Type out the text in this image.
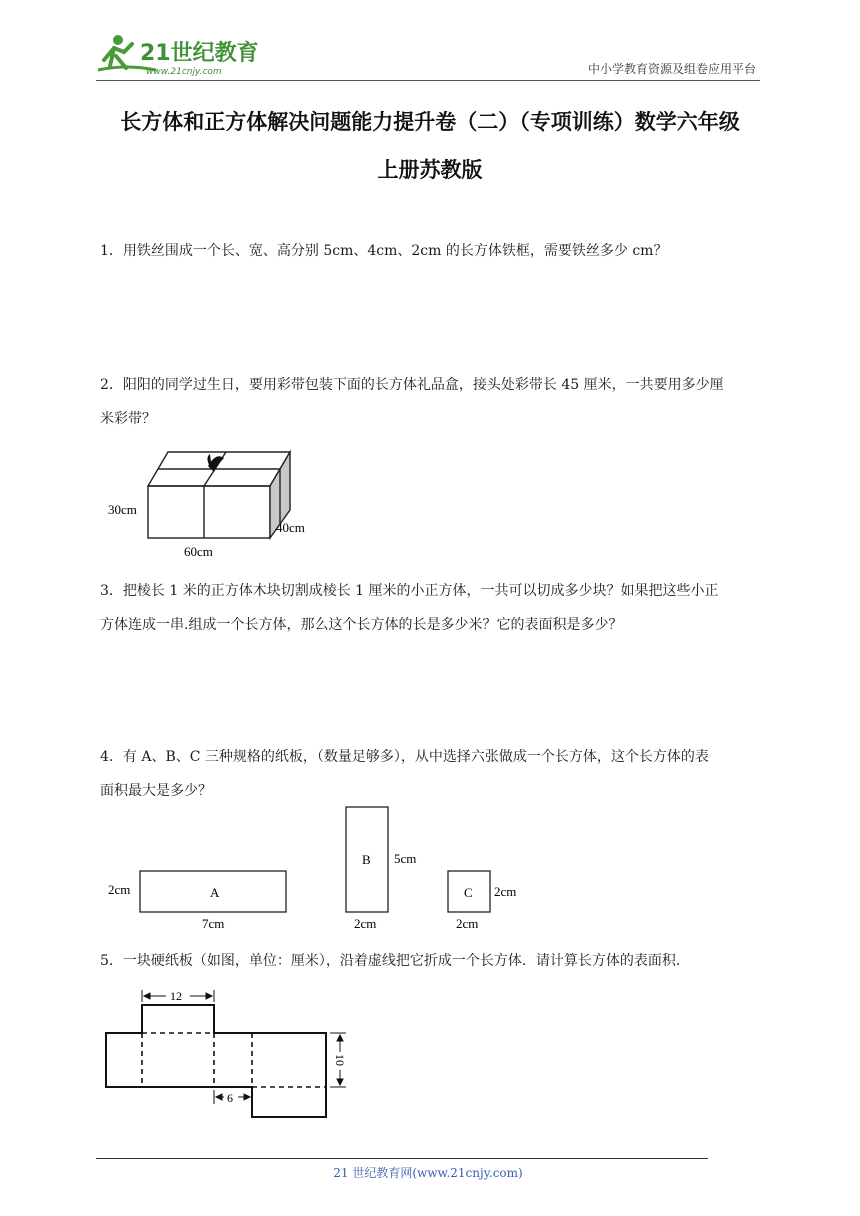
21世纪教育
www.21cnjy.com	中小学教育资源及组卷应用平台
长方体和正方体解决问题能力提升卷（二）（专项训练）数学六年级
上册苏教版
1．用铁丝围成一个长、宽、高分别 5cm、4cm、2cm 的长方体铁框，需要铁丝多少 cm？
2．阳阳的同学过生日，要用彩带包装下面的长方体礼品盒，接头处彩带长 45 厘米，一共要用多少厘
米彩带？
30cm
60cm
40cm
3．把棱长 1 米的正方体木块切割成棱长 1 厘米的小正方体，一共可以切成多少块？如果把这些小正
方体连成一串.组成一个长方体，那么这个长方体的长是多少米？它的表面积是多少？
4．有 A、B、C 三种规格的纸板，（数量足够多），从中选择六张做成一个长方体，这个长方体的表
面积最大是多少？
A
2cm
7cm
B 5cm
2cm
C 2cm
2cm
5．一块硬纸板（如图，单位：厘米），沿着虚线把它折成一个长方体．请计算长方体的表面积．
12
10
6
21 世纪教育网(www.21cnjy.com)
